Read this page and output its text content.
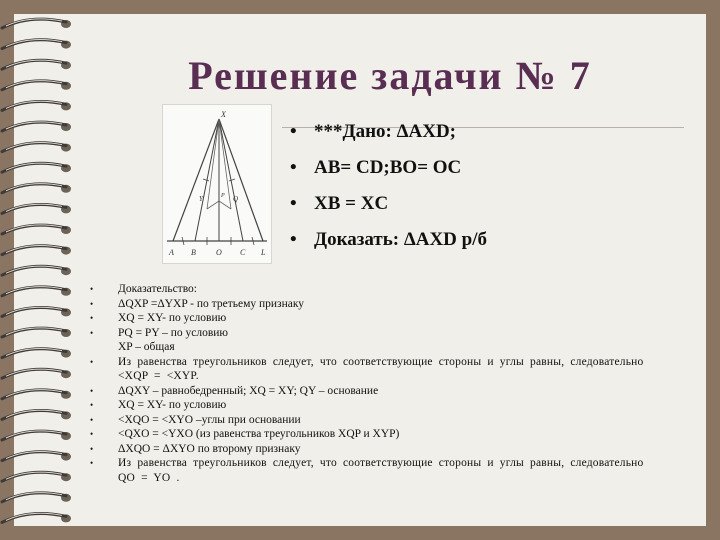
Решение задачи № 7
X
Y	Q
P
A B	O C L
• ***Дано: ΔAXD;
• AB= CD;BO= OC
• XB = XC
• Доказать: ΔAXD р/б
•	Доказательство:
•	ΔQXP =ΔYXP - по третьему признаку
•	XQ = XY- по условию
•	PQ = PY – по условию
XP – общая
•	Из равенства треугольников следует, что соответствующие стороны и углы равны, следовательно <XQP = <XYP.
•	ΔQXY – равнобедренный; XQ = XY; QY – основание
•	XQ = XY- по условию
•	<XQO = <XYO –углы при основании
•	<QXO = <YXO (из равенства треугольников XQP и XYP)
•	ΔXQO = ΔXYO по второму признаку
•	Из равенства треугольников следует, что соответствующие стороны и углы равны, следовательно QO = YO .
